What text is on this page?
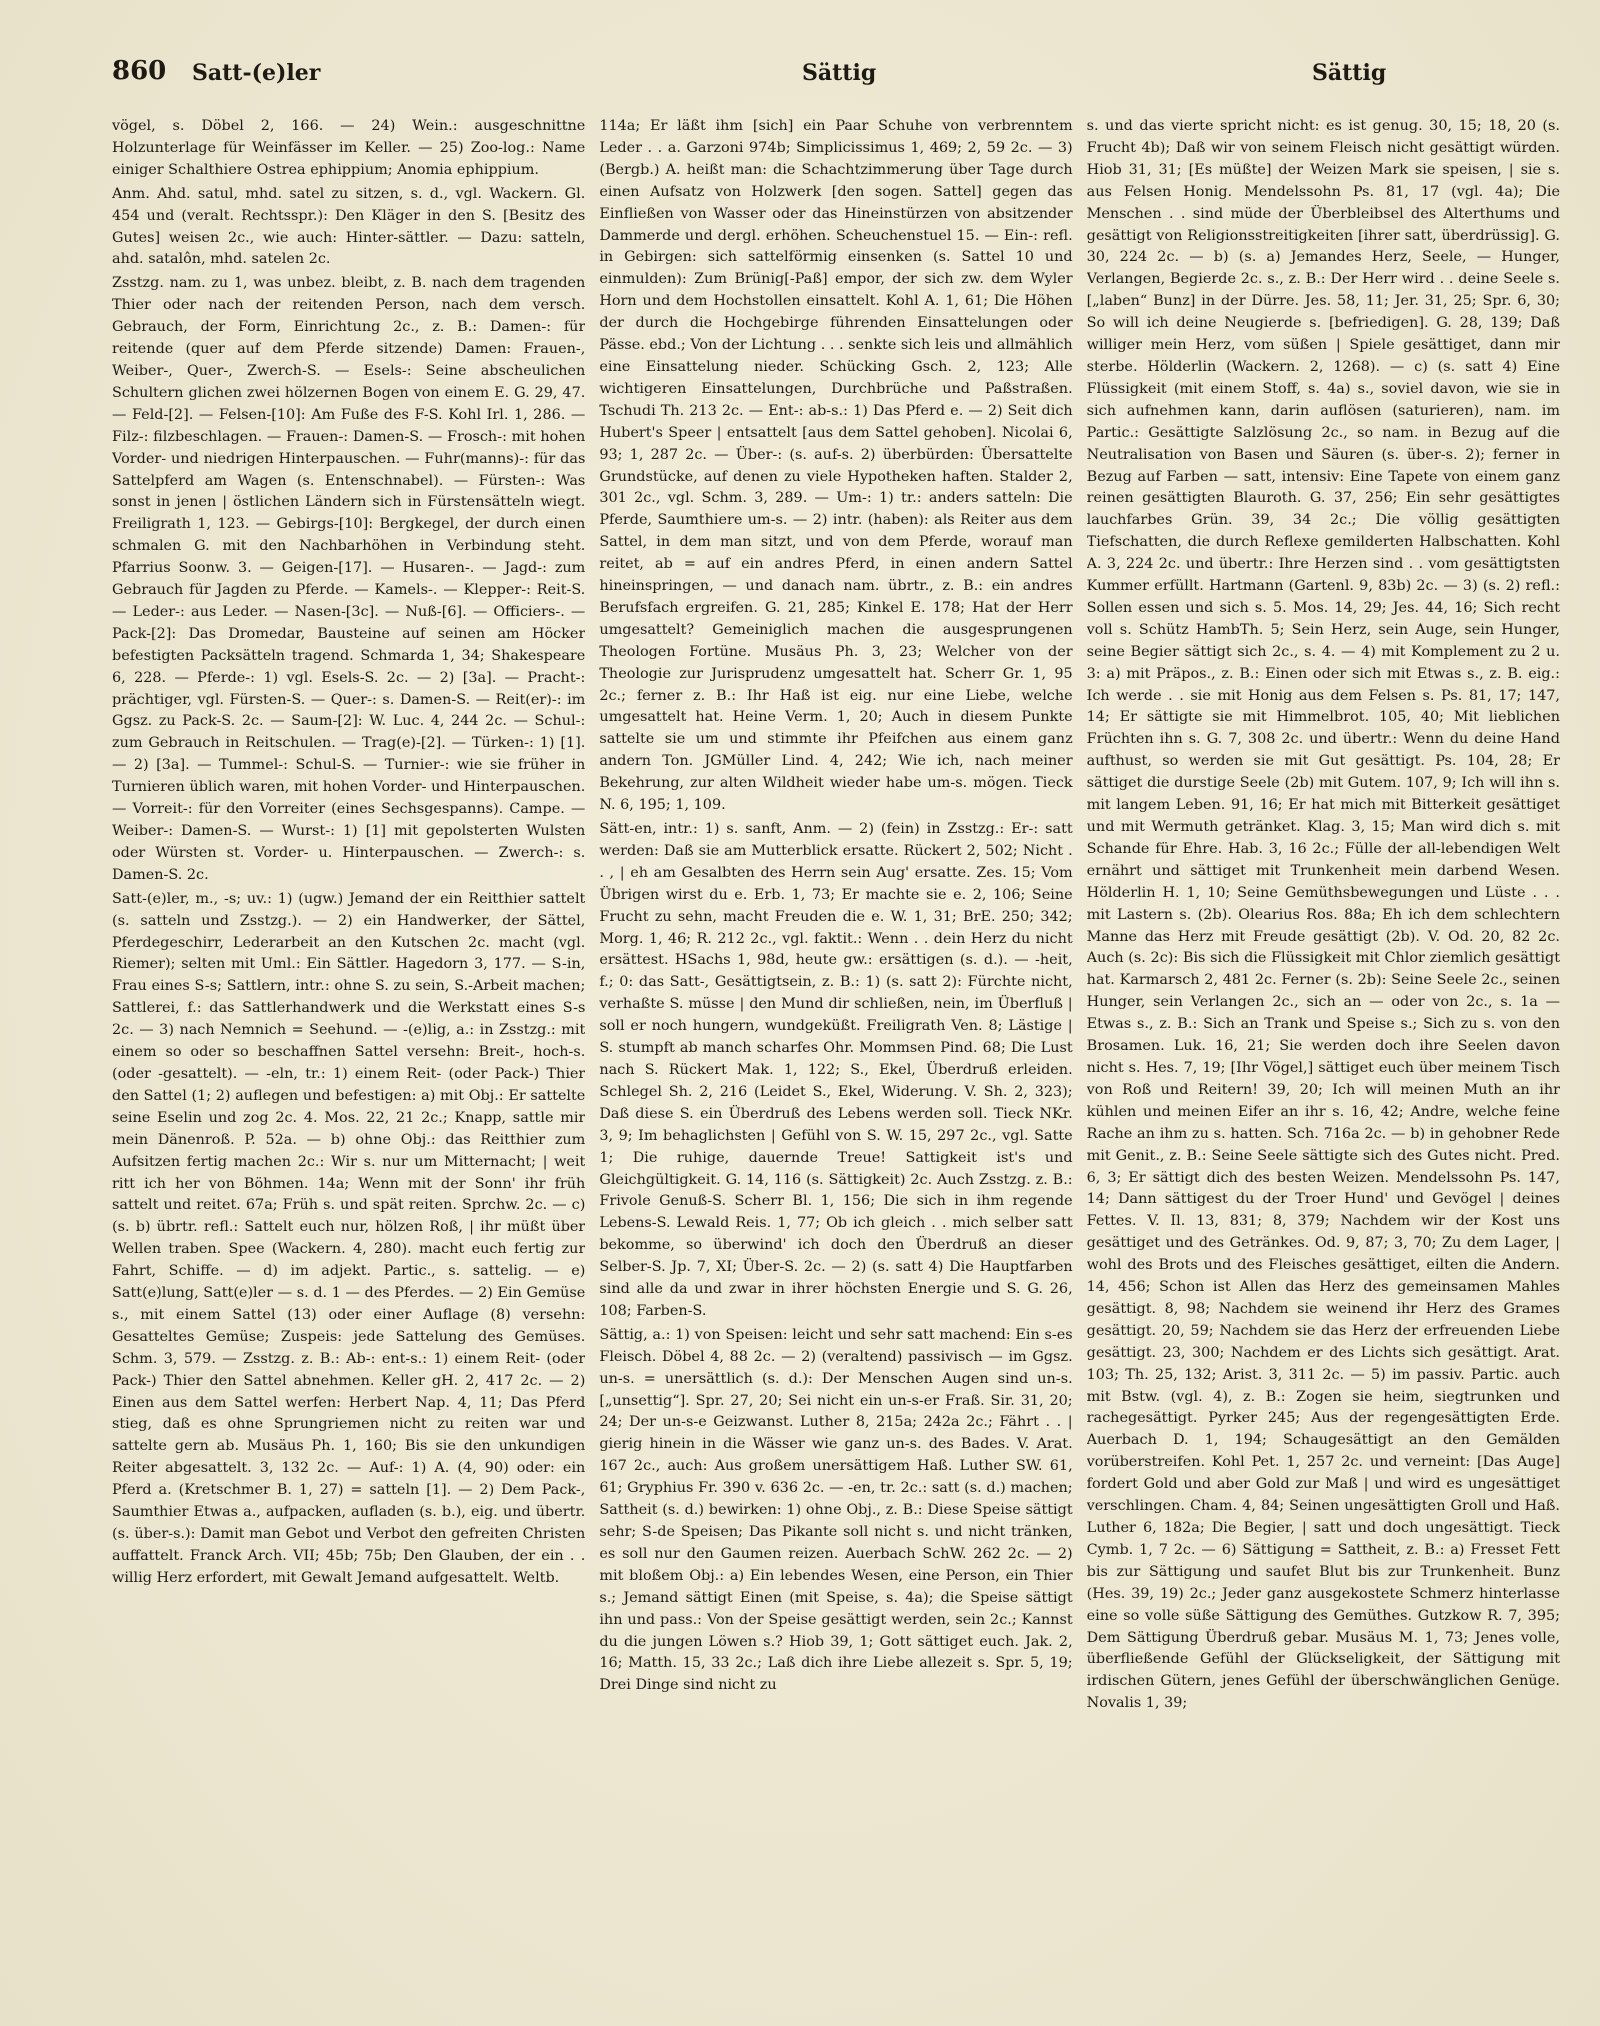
860 Satt-(e)ler	Sättig	Sättig

vögel, s. Döbel 2, 166. — 24) Wein.: ausgeschnittne Holzunterlage für Weinfässer im Keller. — 25) Zoo-log.: Name einiger Schalthiere Ostrea ephippium; Anomia ephippium.

Anm. Ahd. satul, mhd. satel zu sitzen, s. d., vgl. Wackern. Gl. 454 und (veralt. Rechtsspr.): Den Kläger in den S. [Besitz des Gutes] weisen 2c., wie auch: Hinter-sättler. — Dazu: satteln, ahd. satalôn, mhd. satelen 2c.

Zsstzg. nam. zu 1, was unbez. bleibt, z. B. nach dem tragenden Thier oder nach der reitenden Person, nach dem versch. Gebrauch, der Form, Einrichtung 2c., z. B.: Damen-: für reitende (quer auf dem Pferde sitzende) Damen: Frauen-, Weiber-, Quer-, Zwerch-S. — Esels-: Seine abscheulichen Schultern glichen zwei hölzernen Bogen von einem E. G. 29, 47. — Feld-[2]. — Felsen-[10]: Am Fuße des F-S. Kohl Irl. 1, 286. — Filz-: filzbeschlagen. — Frauen-: Damen-S. — Frosch-: mit hohen Vorder- und niedrigen Hinterpauschen. — Fuhr(manns)-: für das Sattelpferd am Wagen (s. Entenschnabel). — Fürsten-: Was sonst in jenen | östlichen Ländern sich in Fürstensätteln wiegt. Freiligrath 1, 123. — Gebirgs-[10]: Bergkegel, der durch einen schmalen G. mit den Nachbarhöhen in Verbindung steht. Pfarrius Soonw. 3. — Geigen-[17]. — Husaren-. — Jagd-: zum Gebrauch für Jagden zu Pferde. — Kamels-. — Klepper-: Reit-S. — Leder-: aus Leder. — Nasen-[3c]. — Nuß-[6]. — Officiers-. — Pack-[2]: Das Dromedar, Bausteine auf seinen am Höcker befestigten Packsätteln tragend. Schmarda 1, 34; Shakespeare 6, 228. — Pferde-: 1) vgl. Esels-S. 2c. — 2) [3a]. — Pracht-: prächtiger, vgl. Fürsten-S. — Quer-: s. Damen-S. — Reit(er)-: im Ggsz. zu Pack-S. 2c. — Saum-[2]: W. Luc. 4, 244 2c. — Schul-: zum Gebrauch in Reitschulen. — Trag(e)-[2]. — Türken-: 1) [1]. — 2) [3a]. — Tummel-: Schul-S. — Turnier-: wie sie früher in Turnieren üblich waren, mit hohen Vorder- und Hinterpauschen. — Vorreit-: für den Vorreiter (eines Sechsgespanns). Campe. — Weiber-: Damen-S. — Wurst-: 1) [1] mit gepolsterten Wulsten oder Würsten st. Vorder- u. Hinterpauschen. — Zwerch-: s. Damen-S. 2c.

Satt-(e)ler, m., -s; uv.: 1) (ugw.) Jemand der ein Reitthier sattelt (s. satteln und Zsstzg.). — 2) ein Handwerker, der Sättel, Pferdegeschirr, Lederarbeit an den Kutschen 2c. macht (vgl. Riemer); selten mit Uml.: Ein Sättler. Hagedorn 3, 177. — S-in, Frau eines S-s; Sattlern, intr.: ohne S. zu sein, S.-Arbeit machen; Sattlerei, f.: das Sattlerhandwerk und die Werkstatt eines S-s 2c. — 3) nach Nemnich = Seehund. — -(e)lig, a.: in Zsstzg.: mit einem so oder so beschaffnen Sattel versehn: Breit-, hoch-s. (oder -gesattelt). — -eln, tr.: 1) einem Reit- (oder Pack-) Thier den Sattel (1; 2) auflegen und befestigen: a) mit Obj.: Er sattelte seine Eselin und zog 2c. 4. Mos. 22, 21 2c.; Knapp, sattle mir mein Dänenroß. P. 52a. — b) ohne Obj.: das Reitthier zum Aufsitzen fertig machen 2c.: Wir s. nur um Mitternacht; | weit ritt ich her von Böhmen. 14a; Wenn mit der Sonn' ihr früh sattelt und reitet. 67a; Früh s. und spät reiten. Sprchw. 2c. — c) (s. b) übrtr. refl.: Sattelt euch nur, hölzen Roß, | ihr müßt über Wellen traben. Spee (Wackern. 4, 280). macht euch fertig zur Fahrt, Schiffe. — d) im adjekt. Partic., s. sattelig. — e) Satt(e)lung, Satt(e)ler — s. d. 1 — des Pferdes. — 2) Ein Gemüse s., mit einem Sattel (13) oder einer Auflage (8) versehn: Gesatteltes Gemüse; Zuspeis: jede Sattelung des Gemüses. Schm. 3, 579. — Zsstzg. z. B.: Ab-: ent-s.: 1) einem Reit- (oder Pack-) Thier den Sattel abnehmen. Keller gH. 2, 417 2c. — 2) Einen aus dem Sattel werfen: Herbert Nap. 4, 11; Das Pferd stieg, daß es ohne Sprungriemen nicht zu reiten war und sattelte gern ab. Musäus Ph. 1, 160; Bis sie den unkundigen Reiter abgesattelt. 3, 132 2c. — Auf-: 1) A. (4, 90) oder: ein Pferd a. (Kretschmer B. 1, 27) = satteln [1]. — 2) Dem Pack-, Saumthier Etwas a., aufpacken, aufladen (s. b.), eig. und übertr. (s. über-s.): Damit man Gebot und Verbot den gefreiten Christen auffattelt. Franck Arch. VII; 45b; 75b; Den Glauben, der ein . . willig Herz erfordert, mit Gewalt Jemand aufgesattelt. Weltb.

114a; Er läßt ihm [sich] ein Paar Schuhe von verbrenntem Leder . . a. Garzoni 974b; Simplicissimus 1, 469; 2, 59 2c. — 3) (Bergb.) A. heißt man: die Schachtzimmerung über Tage durch einen Aufsatz von Holzwerk [den sogen. Sattel] gegen das Einfließen von Wasser oder das Hineinstürzen von absitzender Dammerde und dergl. erhöhen. Scheuchenstuel 15. — Ein-: refl. in Gebirgen: sich sattelförmig einsenken (s. Sattel 10 und einmulden): Zum Brünig[-Paß] empor, der sich zw. dem Wyler Horn und dem Hochstollen einsattelt. Kohl A. 1, 61; Die Höhen der durch die Hochgebirge führenden Einsattelungen oder Pässe. ebd.; Von der Lichtung . . . senkte sich leis und allmählich eine Einsattelung nieder. Schücking Gsch. 2, 123; Alle wichtigeren Einsattelungen, Durchbrüche und Paßstraßen. Tschudi Th. 213 2c. — Ent-: ab-s.: 1) Das Pferd e. — 2) Seit dich Hubert's Speer | entsattelt [aus dem Sattel gehoben]. Nicolai 6, 93; 1, 287 2c. — Über-: (s. auf-s. 2) überbürden: Übersattelte Grundstücke, auf denen zu viele Hypotheken haften. Stalder 2, 301 2c., vgl. Schm. 3, 289. — Um-: 1) tr.: anders satteln: Die Pferde, Saumthiere um-s. — 2) intr. (haben): als Reiter aus dem Sattel, in dem man sitzt, und von dem Pferde, worauf man reitet, ab = auf ein andres Pferd, in einen andern Sattel hineinspringen, — und danach nam. übrtr., z. B.: ein andres Berufsfach ergreifen. G. 21, 285; Kinkel E. 178; Hat der Herr umgesattelt? Gemeiniglich machen die ausgesprungenen Theologen Fortüne. Musäus Ph. 3, 23; Welcher von der Theologie zur Jurisprudenz umgesattelt hat. Scherr Gr. 1, 95 2c.; ferner z. B.: Ihr Haß ist eig. nur eine Liebe, welche umgesattelt hat. Heine Verm. 1, 20; Auch in diesem Punkte sattelte sie um und stimmte ihr Pfeifchen aus einem ganz andern Ton. JGMüller Lind. 4, 242; Wie ich, nach meiner Bekehrung, zur alten Wildheit wieder habe um-s. mögen. Tieck N. 6, 195; 1, 109.

Sätt-en, intr.: 1) s. sanft, Anm. — 2) (fein) in Zsstzg.: Er-: satt werden: Daß sie am Mutterblick ersatte. Rückert 2, 502; Nicht . . , | eh am Gesalbten des Herrn sein Aug' ersatte. Zes. 15; Vom Übrigen wirst du e. Erb. 1, 73; Er machte sie e. 2, 106; Seine Frucht zu sehn, macht Freuden die e. W. 1, 31; BrE. 250; 342; Morg. 1, 46; R. 212 2c., vgl. faktit.: Wenn . . dein Herz du nicht ersättest. HSachs 1, 98d, heute gw.: ersättigen (s. d.). — -heit, f.; 0: das Satt-, Gesättigtsein, z. B.: 1) (s. satt 2): Fürchte nicht, verhaßte S. müsse | den Mund dir schließen, nein, im Überfluß | soll er noch hungern, wundgeküßt. Freiligrath Ven. 8; Lästige | S. stumpft ab manch scharfes Ohr. Mommsen Pind. 68; Die Lust nach S. Rückert Mak. 1, 122; S., Ekel, Überdruß erleiden. Schlegel Sh. 2, 216 (Leidet S., Ekel, Widerung. V. Sh. 2, 323); Daß diese S. ein Überdruß des Lebens werden soll. Tieck NKr. 3, 9; Im behaglichsten | Gefühl von S. W. 15, 297 2c., vgl. Satte 1; Die ruhige, dauernde Treue! Sattigkeit ist's und Gleichgültigkeit. G. 14, 116 (s. Sättigkeit) 2c. Auch Zsstzg. z. B.: Frivole Genuß-S. Scherr Bl. 1, 156; Die sich in ihm regende Lebens-S. Lewald Reis. 1, 77; Ob ich gleich . . mich selber satt bekomme, so überwind' ich doch den Überdruß an dieser Selber-S. Jp. 7, XI; Über-S. 2c. — 2) (s. satt 4) Die Hauptfarben sind alle da und zwar in ihrer höchsten Energie und S. G. 26, 108; Farben-S.

Sättig, a.: 1) von Speisen: leicht und sehr satt machend: Ein s-es Fleisch. Döbel 4, 88 2c. — 2) (veraltend) passivisch — im Ggsz. un-s. = unersättlich (s. d.): Der Menschen Augen sind un-s. [„unsettig“]. Spr. 27, 20; Sei nicht ein un-s-er Fraß. Sir. 31, 20; 24; Der un-s-e Geizwanst. Luther 8, 215a; 242a 2c.; Fährt . . | gierig hinein in die Wässer wie ganz un-s. des Bades. V. Arat. 167 2c., auch: Aus großem unersättigem Haß. Luther SW. 61, 61; Gryphius Fr. 390 v. 636 2c. — -en, tr. 2c.: satt (s. d.) machen; Sattheit (s. d.) bewirken: 1) ohne Obj., z. B.: Diese Speise sättigt sehr; S-de Speisen; Das Pikante soll nicht s. und nicht tränken, es soll nur den Gaumen reizen. Auerbach SchW. 262 2c. — 2) mit bloßem Obj.: a) Ein lebendes Wesen, eine Person, ein Thier s.; Jemand sättigt Einen (mit Speise, s. 4a); die Speise sättigt ihn und pass.: Von der Speise gesättigt werden, sein 2c.; Kannst du die jungen Löwen s.? Hiob 39, 1; Gott sättiget euch. Jak. 2, 16; Matth. 15, 33 2c.; Laß dich ihre Liebe allezeit s. Spr. 5, 19; Drei Dinge sind nicht zu

s. und das vierte spricht nicht: es ist genug. 30, 15; 18, 20 (s. Frucht 4b); Daß wir von seinem Fleisch nicht gesättigt würden. Hiob 31, 31; [Es müßte] der Weizen Mark sie speisen, | sie s. aus Felsen Honig. Mendelssohn Ps. 81, 17 (vgl. 4a); Die Menschen . . sind müde der Überbleibsel des Alterthums und gesättigt von Religionsstreitigkeiten [ihrer satt, überdrüssig]. G. 30, 224 2c. — b) (s. a) Jemandes Herz, Seele, — Hunger, Verlangen, Begierde 2c. s., z. B.: Der Herr wird . . deine Seele s. [„laben“ Bunz] in der Dürre. Jes. 58, 11; Jer. 31, 25; Spr. 6, 30; So will ich deine Neugierde s. [befriedigen]. G. 28, 139; Daß williger mein Herz, vom süßen | Spiele gesättiget, dann mir sterbe. Hölderlin (Wackern. 2, 1268). — c) (s. satt 4) Eine Flüssigkeit (mit einem Stoff, s. 4a) s., soviel davon, wie sie in sich aufnehmen kann, darin auflösen (saturieren), nam. im Partic.: Gesättigte Salzlösung 2c., so nam. in Bezug auf die Neutralisation von Basen und Säuren (s. über-s. 2); ferner in Bezug auf Farben — satt, intensiv: Eine Tapete von einem ganz reinen gesättigten Blauroth. G. 37, 256; Ein sehr gesättigtes lauchfarbes Grün. 39, 34 2c.; Die völlig gesättigten Tiefschatten, die durch Reflexe gemilderten Halbschatten. Kohl A. 3, 224 2c. und übertr.: Ihre Herzen sind . . vom gesättigtsten Kummer erfüllt. Hartmann (Gartenl. 9, 83b) 2c. — 3) (s. 2) refl.: Sollen essen und sich s. 5. Mos. 14, 29; Jes. 44, 16; Sich recht voll s. Schütz HambTh. 5; Sein Herz, sein Auge, sein Hunger, seine Begier sättigt sich 2c., s. 4. — 4) mit Komplement zu 2 u. 3: a) mit Präpos., z. B.: Einen oder sich mit Etwas s., z. B. eig.: Ich werde . . sie mit Honig aus dem Felsen s. Ps. 81, 17; 147, 14; Er sättigte sie mit Himmelbrot. 105, 40; Mit lieblichen Früchten ihn s. G. 7, 308 2c. und übertr.: Wenn du deine Hand aufthust, so werden sie mit Gut gesättigt. Ps. 104, 28; Er sättiget die durstige Seele (2b) mit Gutem. 107, 9; Ich will ihn s. mit langem Leben. 91, 16; Er hat mich mit Bitterkeit gesättiget und mit Wermuth getränket. Klag. 3, 15; Man wird dich s. mit Schande für Ehre. Hab. 3, 16 2c.; Fülle der all-lebendigen Welt ernährt und sättiget mit Trunkenheit mein darbend Wesen. Hölderlin H. 1, 10; Seine Gemüthsbewegungen und Lüste . . . mit Lastern s. (2b). Olearius Ros. 88a; Eh ich dem schlechtern Manne das Herz mit Freude gesättigt (2b). V. Od. 20, 82 2c. Auch (s. 2c): Bis sich die Flüssigkeit mit Chlor ziemlich gesättigt hat. Karmarsch 2, 481 2c. Ferner (s. 2b): Seine Seele 2c., seinen Hunger, sein Verlangen 2c., sich an — oder von 2c., s. 1a — Etwas s., z. B.: Sich an Trank und Speise s.; Sich zu s. von den Brosamen. Luk. 16, 21; Sie werden doch ihre Seelen davon nicht s. Hes. 7, 19; [Ihr Vögel,] sättiget euch über meinem Tisch von Roß und Reitern! 39, 20; Ich will meinen Muth an ihr kühlen und meinen Eifer an ihr s. 16, 42; Andre, welche feine Rache an ihm zu s. hatten. Sch. 716a 2c. — b) in gehobner Rede mit Genit., z. B.: Seine Seele sättigte sich des Gutes nicht. Pred. 6, 3; Er sättigt dich des besten Weizen. Mendelssohn Ps. 147, 14; Dann sättigest du der Troer Hund' und Gevögel | deines Fettes. V. Il. 13, 831; 8, 379; Nachdem wir der Kost uns gesättiget und des Getränkes. Od. 9, 87; 3, 70; Zu dem Lager, | wohl des Brots und des Fleisches gesättiget, eilten die Andern. 14, 456; Schon ist Allen das Herz des gemeinsamen Mahles gesättigt. 8, 98; Nachdem sie weinend ihr Herz des Grames gesättigt. 20, 59; Nachdem sie das Herz der erfreuenden Liebe gesättigt. 23, 300; Nachdem er des Lichts sich gesättigt. Arat. 103; Th. 25, 132; Arist. 3, 311 2c. — 5) im passiv. Partic. auch mit Bstw. (vgl. 4), z. B.: Zogen sie heim, siegtrunken und rachegesättigt. Pyrker 245; Aus der regengesättigten Erde. Auerbach D. 1, 194; Schaugesättigt an den Gemälden vorüberstreifen. Kohl Pet. 1, 257 2c. und verneint: [Das Auge] fordert Gold und aber Gold zur Maß | und wird es ungesättiget verschlingen. Cham. 4, 84; Seinen ungesättigten Groll und Haß. Luther 6, 182a; Die Begier, | satt und doch ungesättigt. Tieck Cymb. 1, 7 2c. — 6) Sättigung = Sattheit, z. B.: a) Fresset Fett bis zur Sättigung und saufet Blut bis zur Trunkenheit. Bunz (Hes. 39, 19) 2c.; Jeder ganz ausgekostete Schmerz hinterlasse eine so volle süße Sättigung des Gemüthes. Gutzkow R. 7, 395; Dem Sättigung Überdruß gebar. Musäus M. 1, 73; Jenes volle, überfließende Gefühl der Glückseligkeit, der Sättigung mit irdischen Gütern, jenes Gefühl der überschwänglichen Genüge. Novalis 1, 39;
